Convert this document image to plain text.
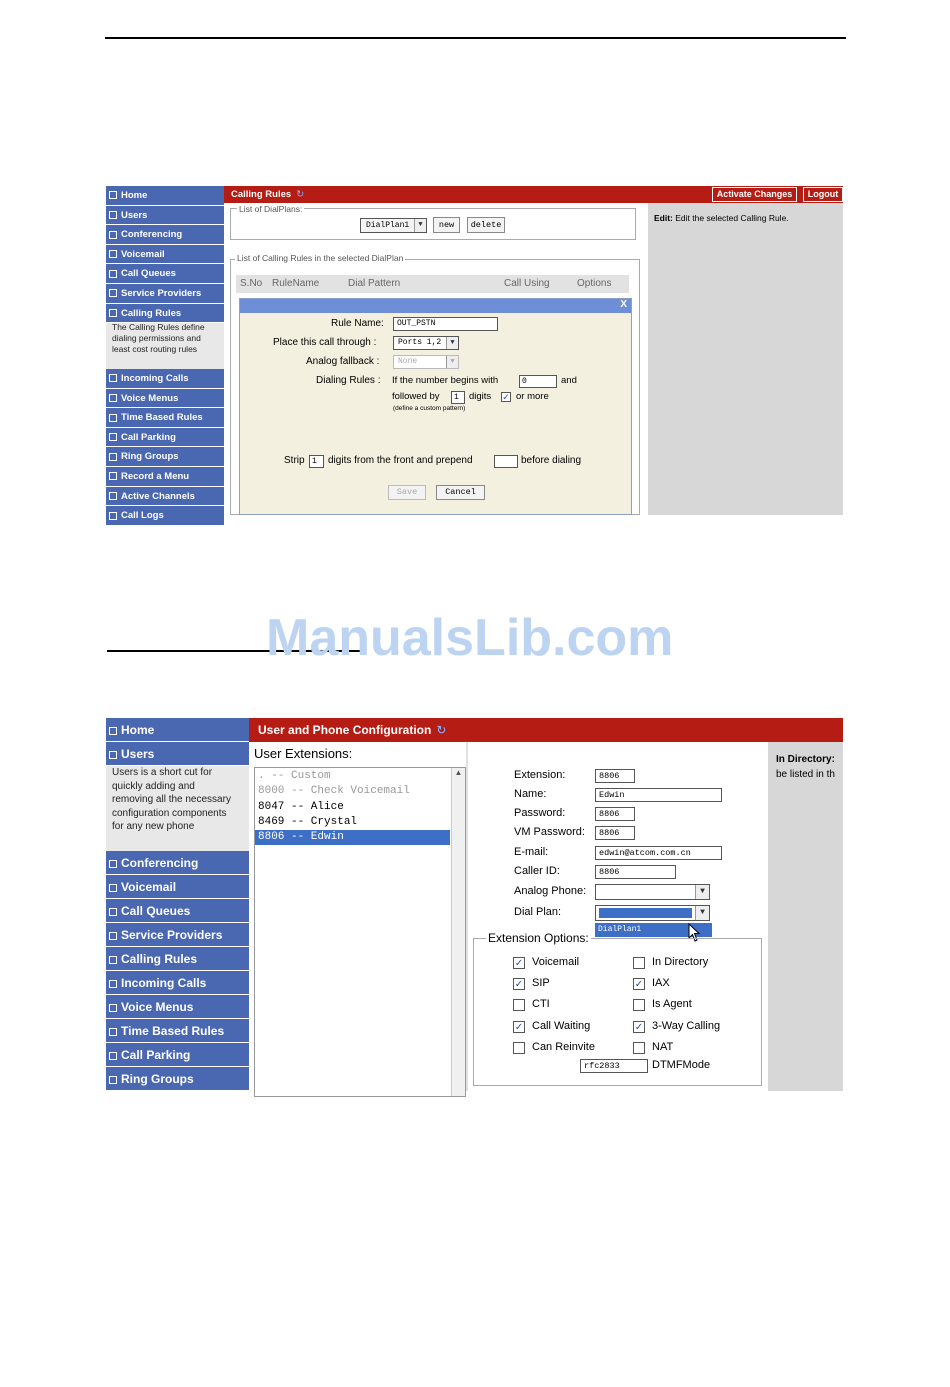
Home
Users
Conferencing
Voicemail
Call Queues
Service Providers
Calling Rules
The Calling Rules define
dialing permissions and
least cost routing rules
Incoming Calls
Voice Menus
Time Based Rules
Call Parking
Ring Groups
Record a Menu
Active Channels
Call Logs
Calling Rules ↻	Activate Changes	Logout
Edit: Edit the selected Calling Rule.
List of DialPlans:
DialPlan1	▼	new	delete
List of Calling Rules in the selected DialPlan
S.No RuleName	Dial Pattern	Call Using	Options
X
Rule Name:	OUT_PSTN
Place this call through :	Ports 1,2	▼
Analog fallback :	None	▼
Dialing Rules : If the number begins with	0	and
followed by	1	digits ✓ or more
(define a custom pattern)
Strip 1	digits from the front and prepend	before dialing
Save	Cancel
ManualsLib.com
Home
Users
Users is a short cut for
quickly adding and
removing all the necessary
configuration components
for any new phone
Conferencing
Voicemail
Call Queues
Service Providers
Calling Rules
Incoming Calls
Voice Menus
Time Based Rules
Call Parking
Ring Groups
User and Phone Configuration ↻
User Extensions:
. -- Custom
8000 -- Check Voicemail
8047 -- Alice
8469 -- Crystal
8806 -- Edwin
▲	Extension:	8806
Name:	Edwin
Password:	8806
VM Password:	8806
E-mail:	edwin@atcom.com.cn
Caller ID:	8806
Analog Phone:	▼
Dial Plan:	▼
DialPlan1
Extension Options:
rfc2833	DTMFMode
In Directory:
be listed in th
✓ Voicemail	In Directory
✓ SIP	✓ IAX
CTI	Is Agent
✓ Call Waiting	✓ 3-Way Calling
Can Reinvite	NAT
